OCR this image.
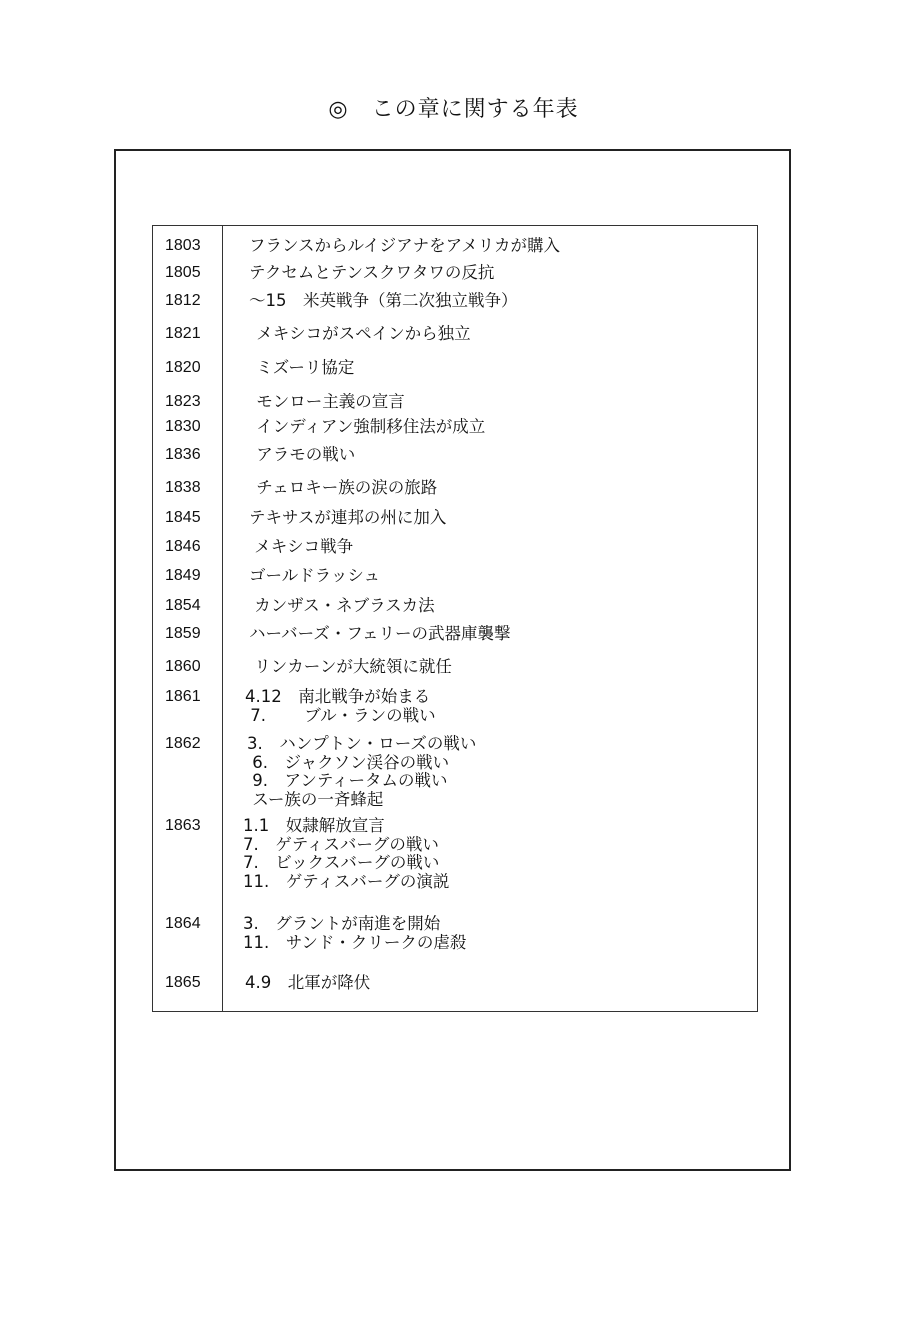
◎　この章に関する年表
1803	フランスからルイジアナをアメリカが購入
1805	テクセムとテンスクワタワの反抗
1812	～15　米英戦争（第二次独立戦争）
1821	メキシコがスペインから独立
1820	ミズーリ協定
1823	モンロー主義の宣言
1830	インディアン強制移住法が成立
1836	アラモの戦い
1838	チェロキー族の涙の旅路
1845	テキサスが連邦の州に加入
1846	メキシコ戦争
1849	ゴールドラッシュ
1854	カンザス・ネブラスカ法
1859	ハーバーズ・フェリーの武器庫襲撃
1860	リンカーンが大統領に就任
1861	4.12　南北戦争が始まる
7.　　 ブル・ランの戦い
1862	3.　ハンプトン・ローズの戦い
6.　ジャクソン渓谷の戦い
9.　アンティータムの戦い
スー族の一斉蜂起
1863	1.1　奴隷解放宣言
7.　ゲティスバーグの戦い
7.　ビックスバーグの戦い
11.　ゲティスバーグの演説
1864	3.　グラントが南進を開始
11.　サンド・クリークの虐殺
1865	4.9　北軍が降伏
